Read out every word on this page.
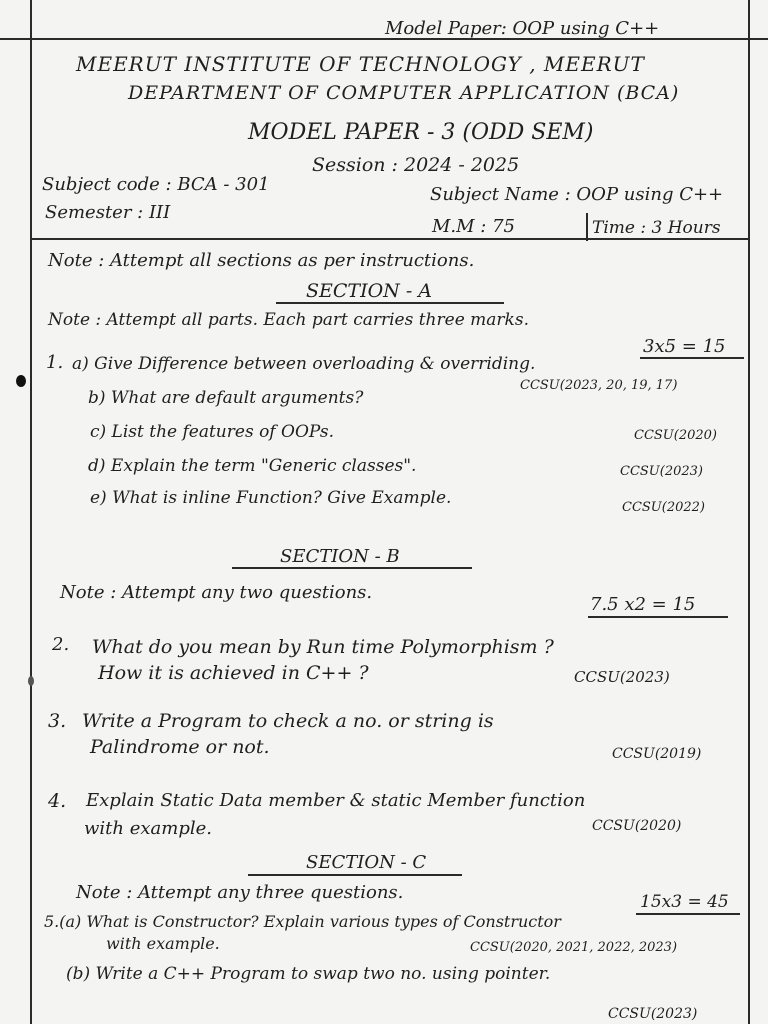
Model Paper: OOP using C++
MEERUT INSTITUTE OF TECHNOLOGY , MEERUT
DEPARTMENT OF COMPUTER APPLICATION (BCA)
MODEL PAPER - 3 (ODD SEM)
Session : 2024 - 2025
Subject code : BCA - 301
Semester : III
Subject Name : OOP using C++
M.M : 75	Time : 3 Hours
Note : Attempt all sections as per instructions.
SECTION - A
Note : Attempt all parts. Each part carries three marks.
3x5 = 15
1. a) Give Difference between overloading & overriding.
CCSU(2023, 20, 19, 17)
b) What are default arguments?
c) List the features of OOPs.	CCSU(2020)
d) Explain the term "Generic classes".	CCSU(2023)
e) What is inline Function? Give Example.	CCSU(2022)
SECTION - B
Note : Attempt any two questions.
7.5 x2 = 15
2. What do you mean by Run time Polymorphism ?
How it is achieved in C++ ?	CCSU(2023)
3. Write a Program to check a no. or string is
Palindrome or not.	CCSU(2019)
4. Explain Static Data member & static Member function
with example.	CCSU(2020)
SECTION - C
Note : Attempt any three questions.	15x3 = 45
5.(a) What is Constructor? Explain various types of Constructor
with example.	CCSU(2020, 2021, 2022, 2023)
(b) Write a C++ Program to swap two no. using pointer.
CCSU(2023)
